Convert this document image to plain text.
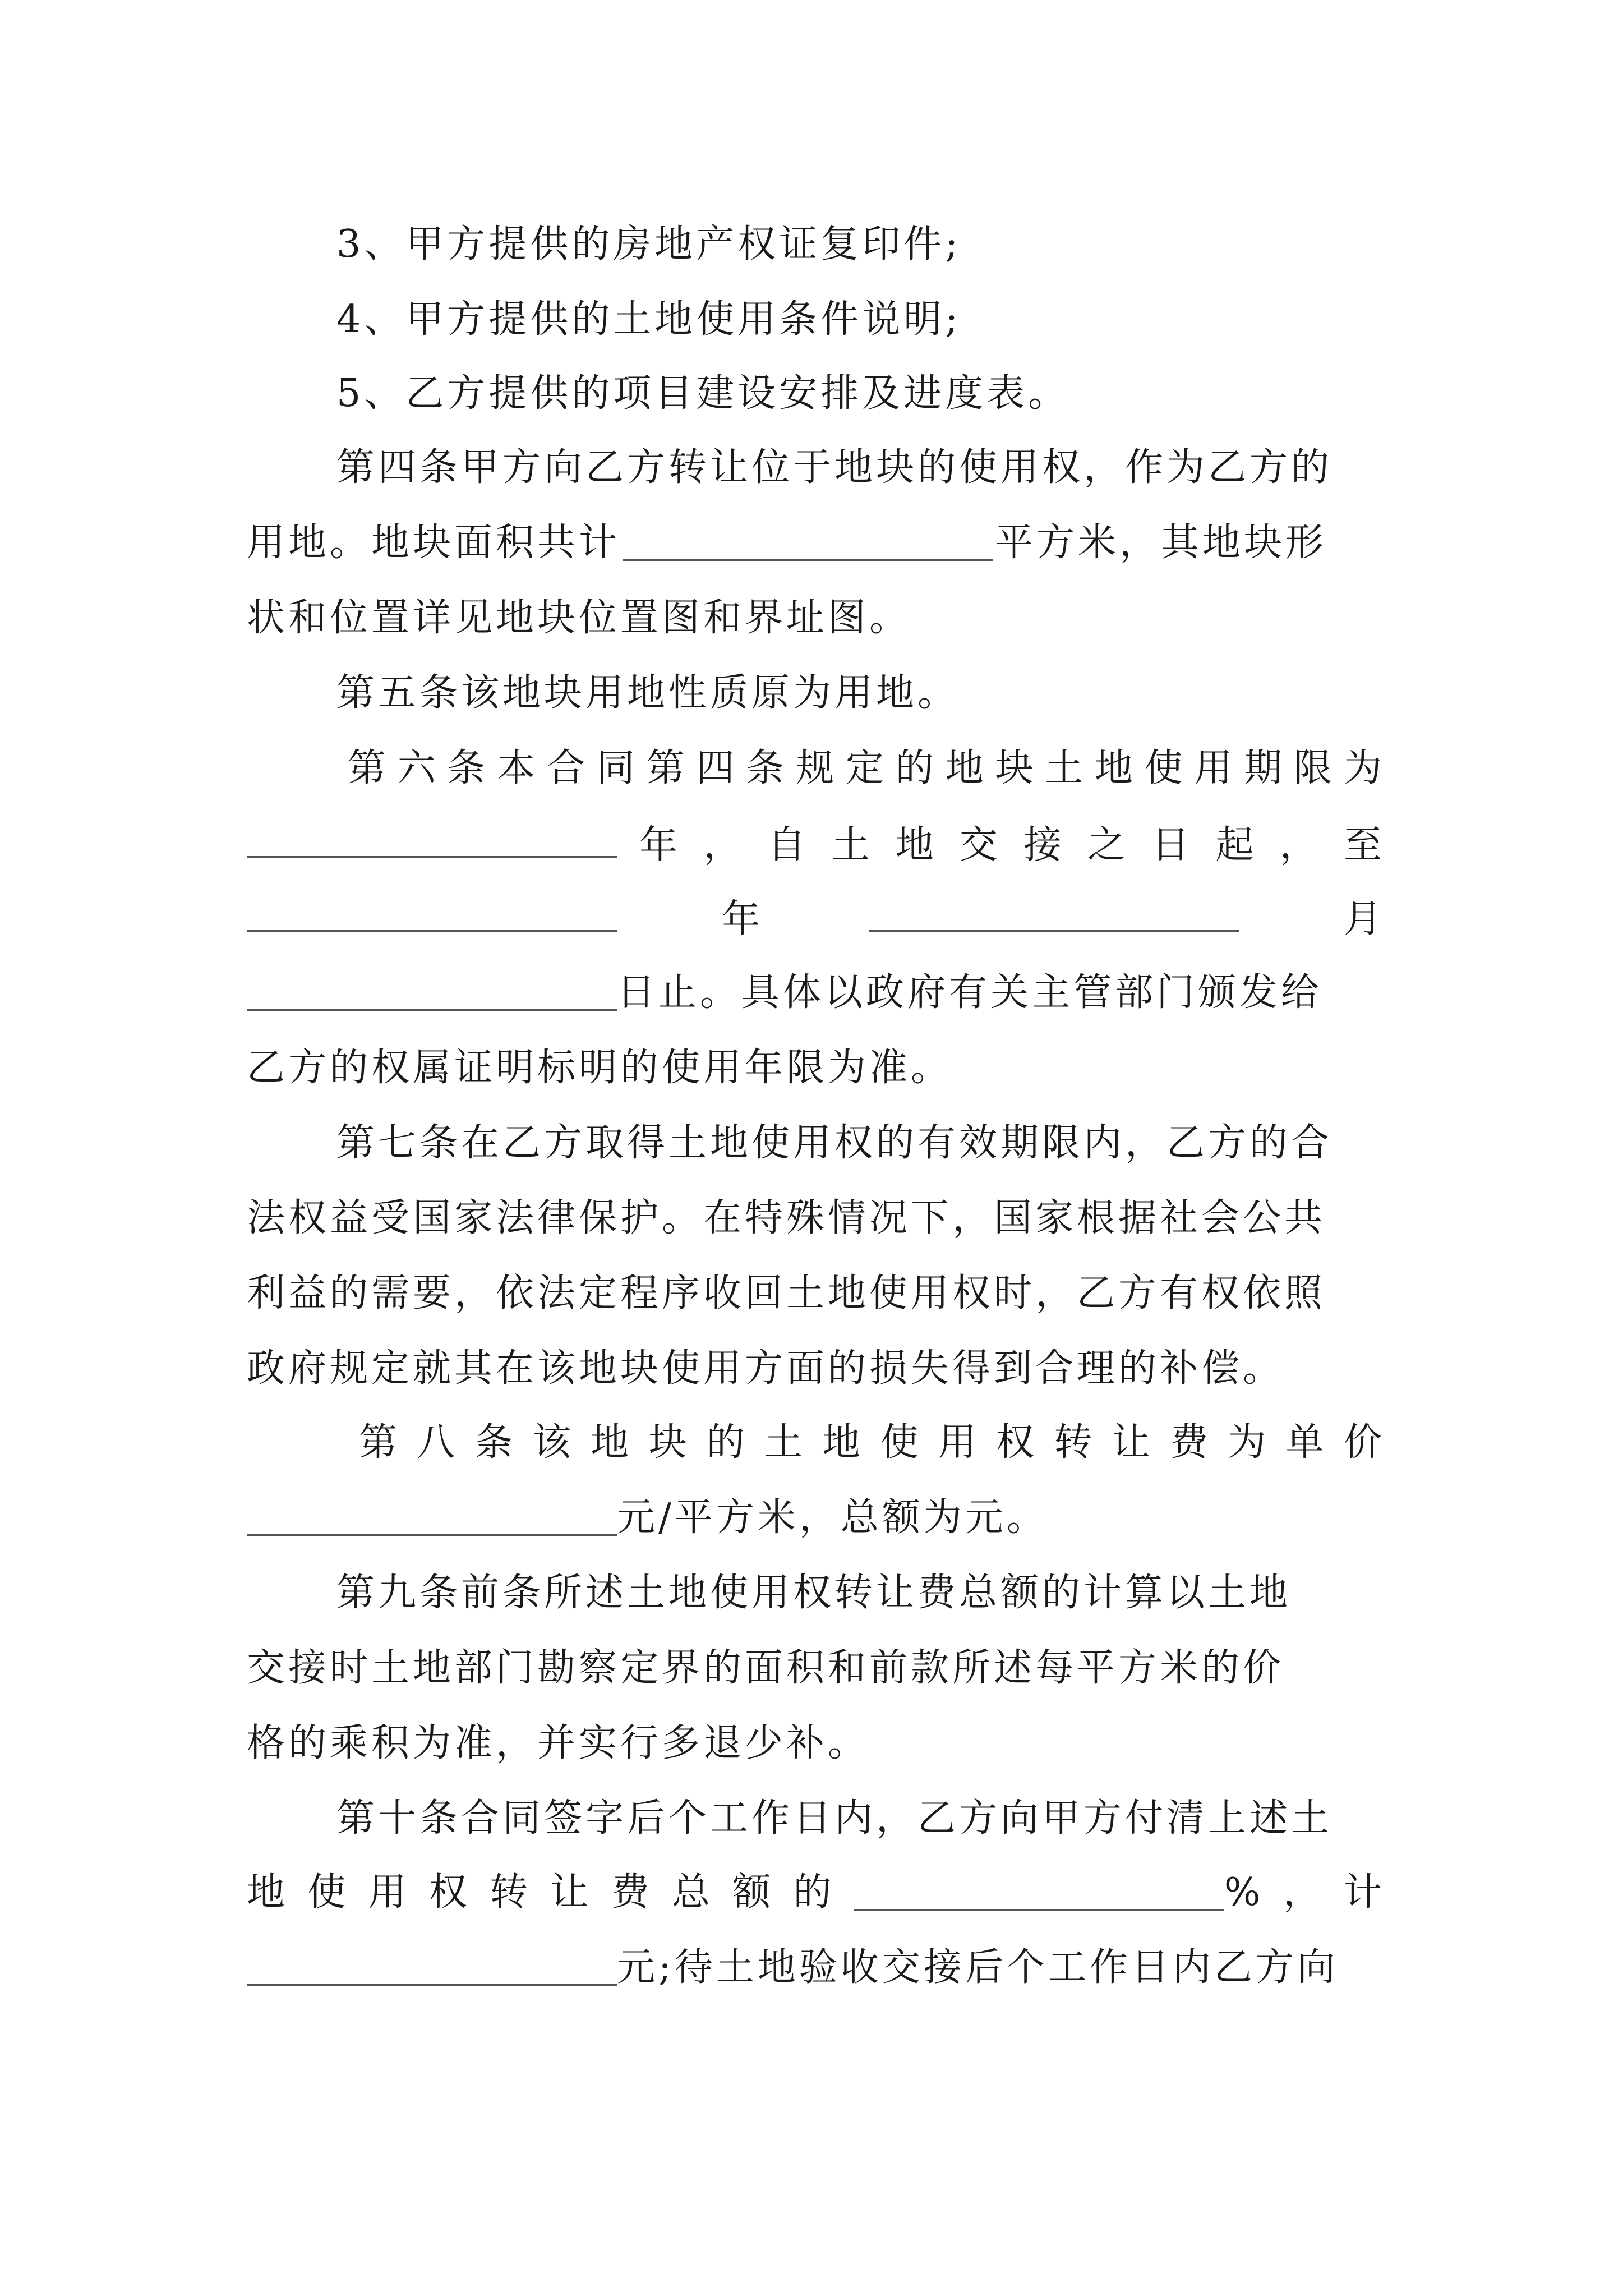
3、甲方提供的房地产权证复印件;
4、甲方提供的土地使用条件说明;
5、乙方提供的项目建设安排及进度表。
第四条甲方向乙方转让位于地块的使用权，作为乙方的
用地。地块面积共计	平方米，其地块形
状和位置详见地块位置图和界址图。
第五条该地块用地性质原为用地。
第 六 条 本 合 同 第 四 条 规 定 的 地 块 土 地 使 用 期 限 为
年 ， 自 土 地 交 接 之 日 起 ， 至
年	月
日止。具体以政府有关主管部门颁发给
乙方的权属证明标明的使用年限为准。
第七条在乙方取得土地使用权的有效期限内，乙方的合
法权益受国家法律保护。在特殊情况下，国家根据社会公共
利益的需要，依法定程序收回土地使用权时，乙方有权依照
政府规定就其在该地块使用方面的损失得到合理的补偿。
第 八 条 该 地 块 的 土 地 使 用 权 转 让 费 为 单 价
元/平方米，总额为元。
第九条前条所述土地使用权转让费总额的计算以土地
交接时土地部门勘察定界的面积和前款所述每平方米的价
格的乘积为准，并实行多退少补。
第十条合同签字后个工作日内，乙方向甲方付清上述土
地 使 用 权 转 让 费 总 额 的	% ， 计
元;待土地验收交接后个工作日内乙方向
